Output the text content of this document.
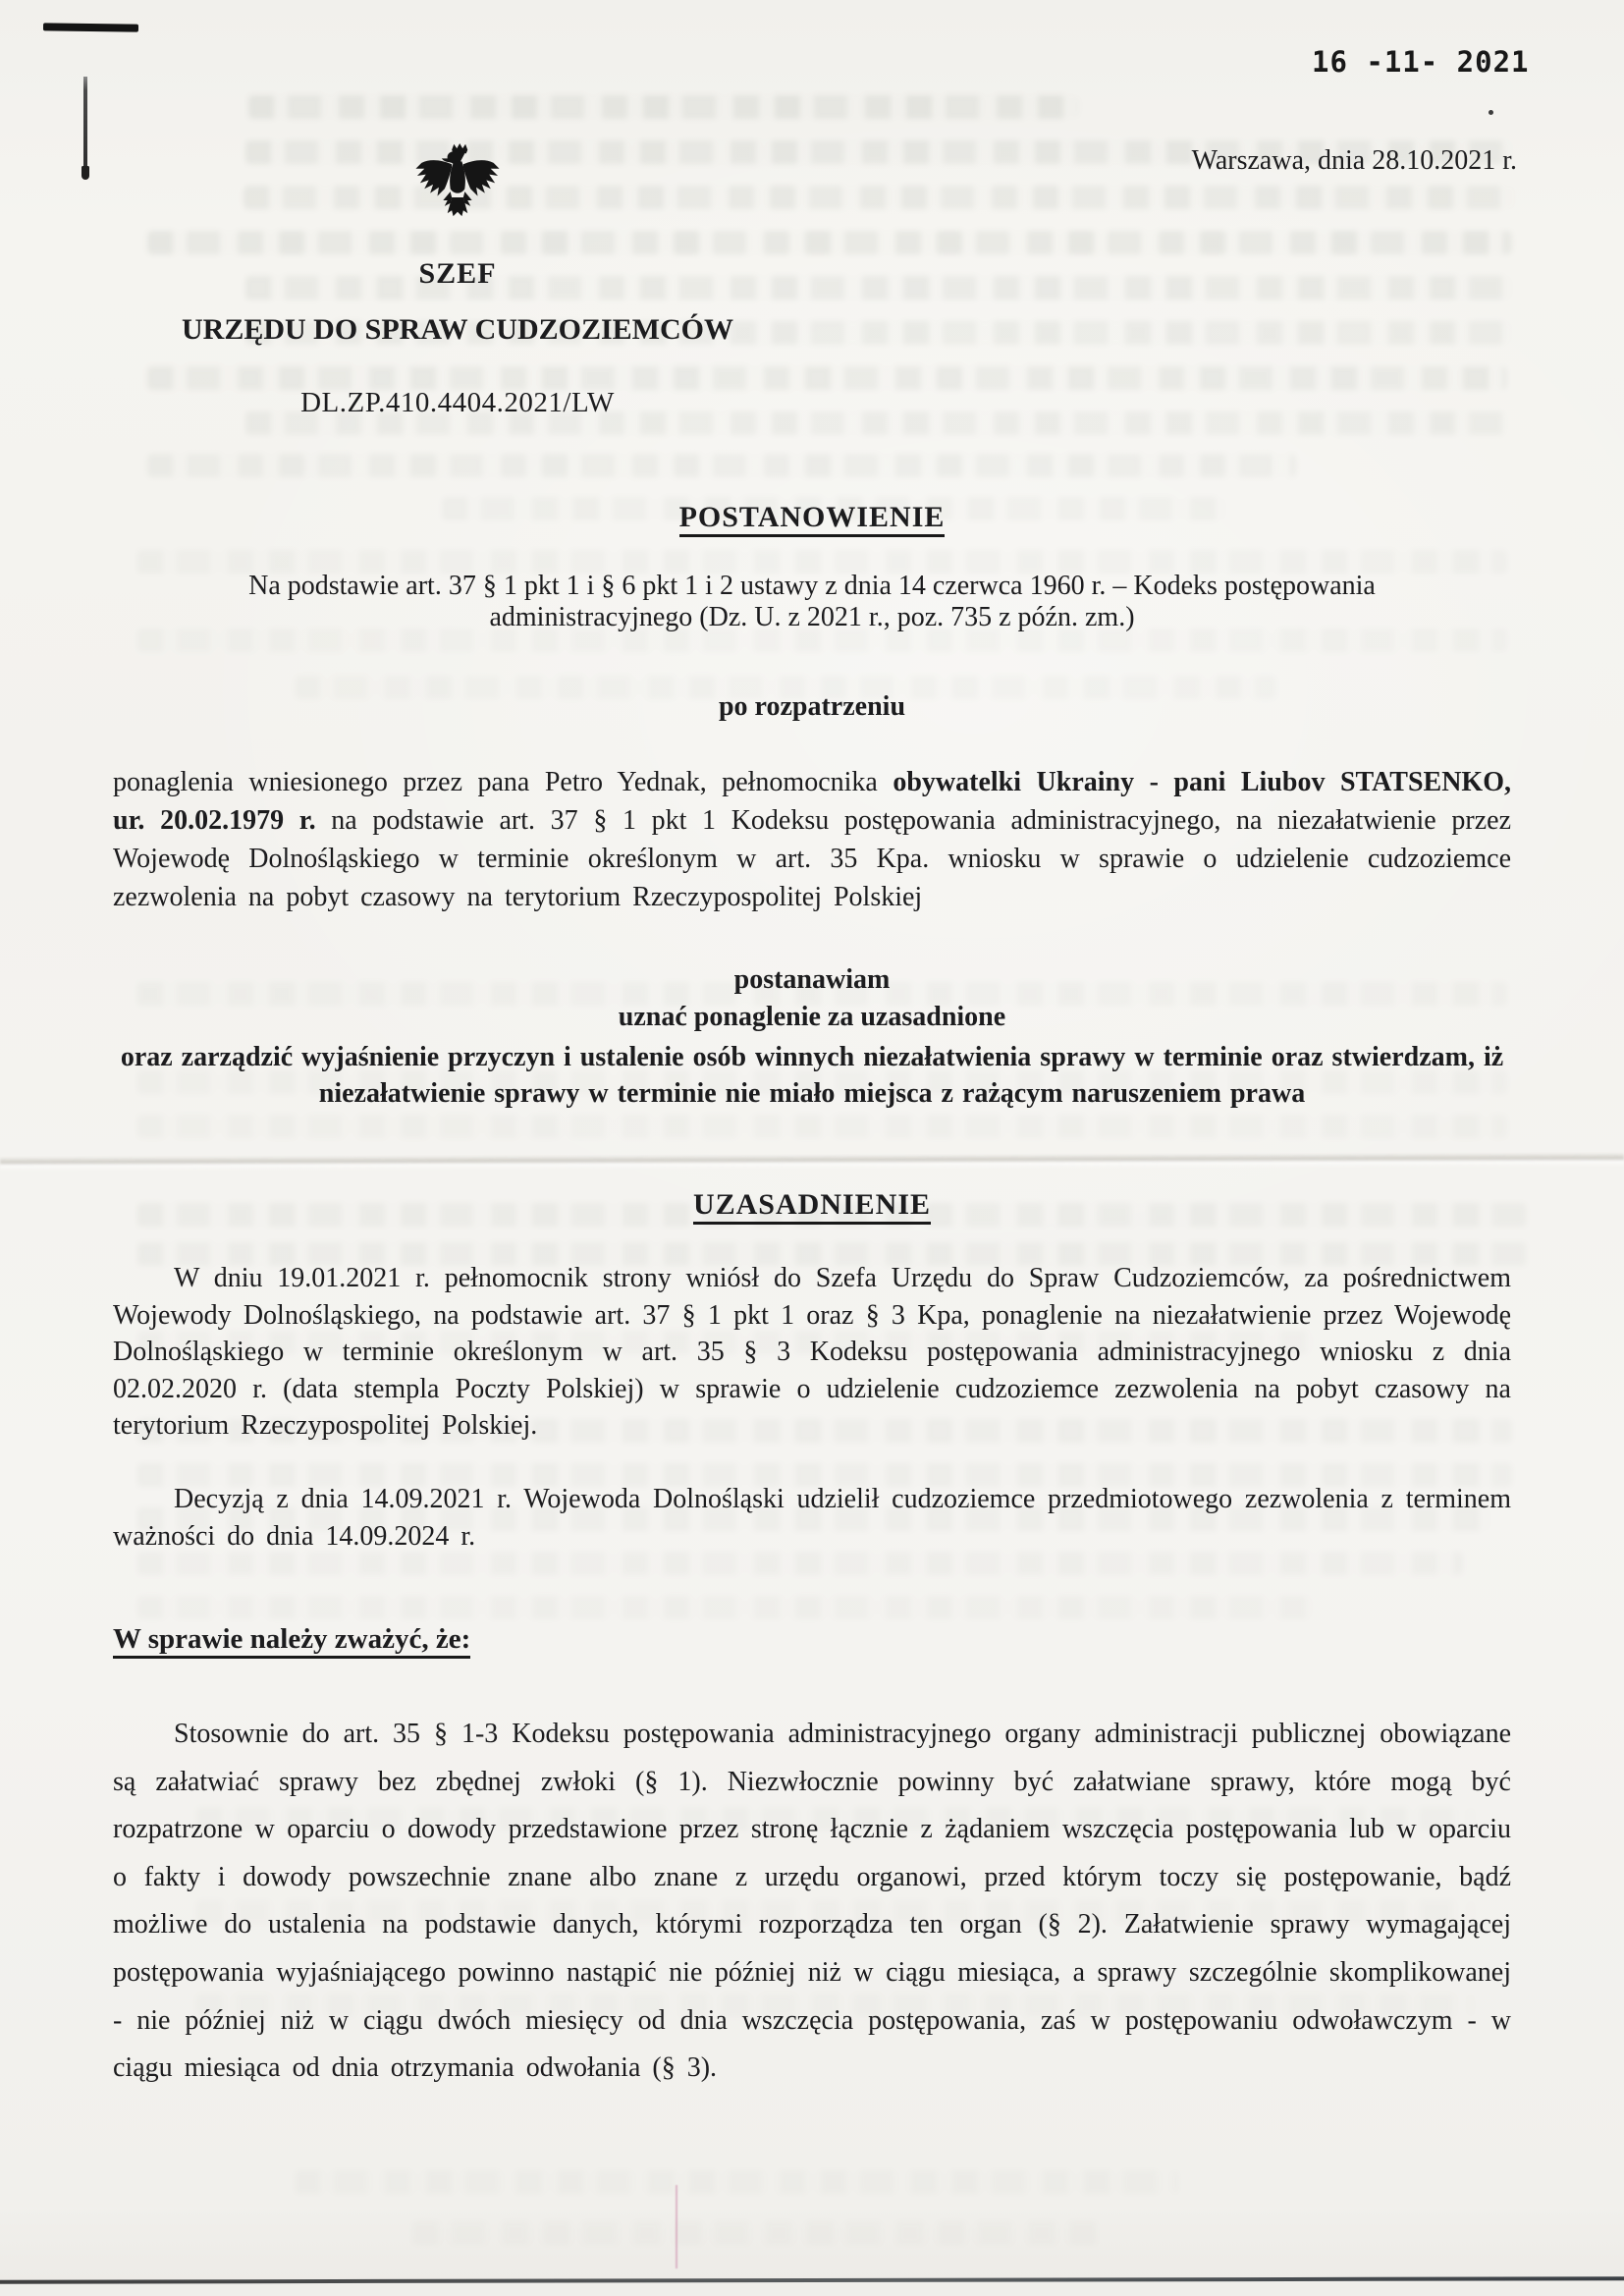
16 -11- 2021
Warszawa, dnia 28.10.2021 r.
SZEF
URZĘDU DO SPRAW CUDZOZIEMCÓW
DL.ZP.410.4404.2021/LW
POSTANOWIENIE
Na podstawie art. 37 § 1 pkt 1 i § 6 pkt 1 i 2 ustawy z dnia 14 czerwca 1960 r. – Kodeks postępowania administracyjnego (Dz. U. z 2021 r., poz. 735 z późn. zm.)
po rozpatrzeniu
ponaglenia wniesionego przez pana Petro Yednak, pełnomocnika obywatelki Ukrainy - pani Liubov STATSENKO, ur. 20.02.1979 r. na podstawie art. 37 § 1 pkt 1 Kodeksu postępowania administracyjnego, na niezałatwienie przez Wojewodę Dolnośląskiego w terminie określonym w art. 35 Kpa. wniosku w sprawie o udzielenie cudzoziemce zezwolenia na pobyt czasowy na terytorium Rzeczypospolitej Polskiej
postanawiam
uznać ponaglenie za uzasadnione
oraz zarządzić wyjaśnienie przyczyn i ustalenie osób winnych niezałatwienia sprawy w terminie oraz stwierdzam, iż niezałatwienie sprawy w terminie nie miało miejsca z rażącym naruszeniem prawa
UZASADNIENIE
W dniu 19.01.2021 r. pełnomocnik strony wniósł do Szefa Urzędu do Spraw Cudzoziemców, za pośrednictwem Wojewody Dolnośląskiego, na podstawie art. 37 § 1 pkt 1 oraz § 3 Kpa, ponaglenie na niezałatwienie przez Wojewodę Dolnośląskiego w terminie określonym w art. 35 § 3 Kodeksu postępowania administracyjnego wniosku z dnia 02.02.2020 r. (data stempla Poczty Polskiej) w sprawie o udzielenie cudzoziemce zezwolenia na pobyt czasowy na terytorium Rzeczypospolitej Polskiej.
Decyzją z dnia 14.09.2021 r. Wojewoda Dolnośląski udzielił cudzoziemce przedmiotowego zezwolenia z terminem ważności do dnia 14.09.2024 r.
W sprawie należy zważyć, że:
Stosownie do art. 35 § 1-3 Kodeksu postępowania administracyjnego organy administracji publicznej obowiązane są załatwiać sprawy bez zbędnej zwłoki (§ 1). Niezwłocznie powinny być załatwiane sprawy, które mogą być rozpatrzone w oparciu o dowody przedstawione przez stronę łącznie z żądaniem wszczęcia postępowania lub w oparciu o fakty i dowody powszechnie znane albo znane z urzędu organowi, przed którym toczy się postępowanie, bądź możliwe do ustalenia na podstawie danych, którymi rozporządza ten organ (§ 2). Załatwienie sprawy wymagającej postępowania wyjaśniającego powinno nastąpić nie później niż w ciągu miesiąca, a sprawy szczególnie skomplikowanej - nie później niż w ciągu dwóch miesięcy od dnia wszczęcia postępowania, zaś w postępowaniu odwoławczym - w ciągu miesiąca od dnia otrzymania odwołania (§ 3).
